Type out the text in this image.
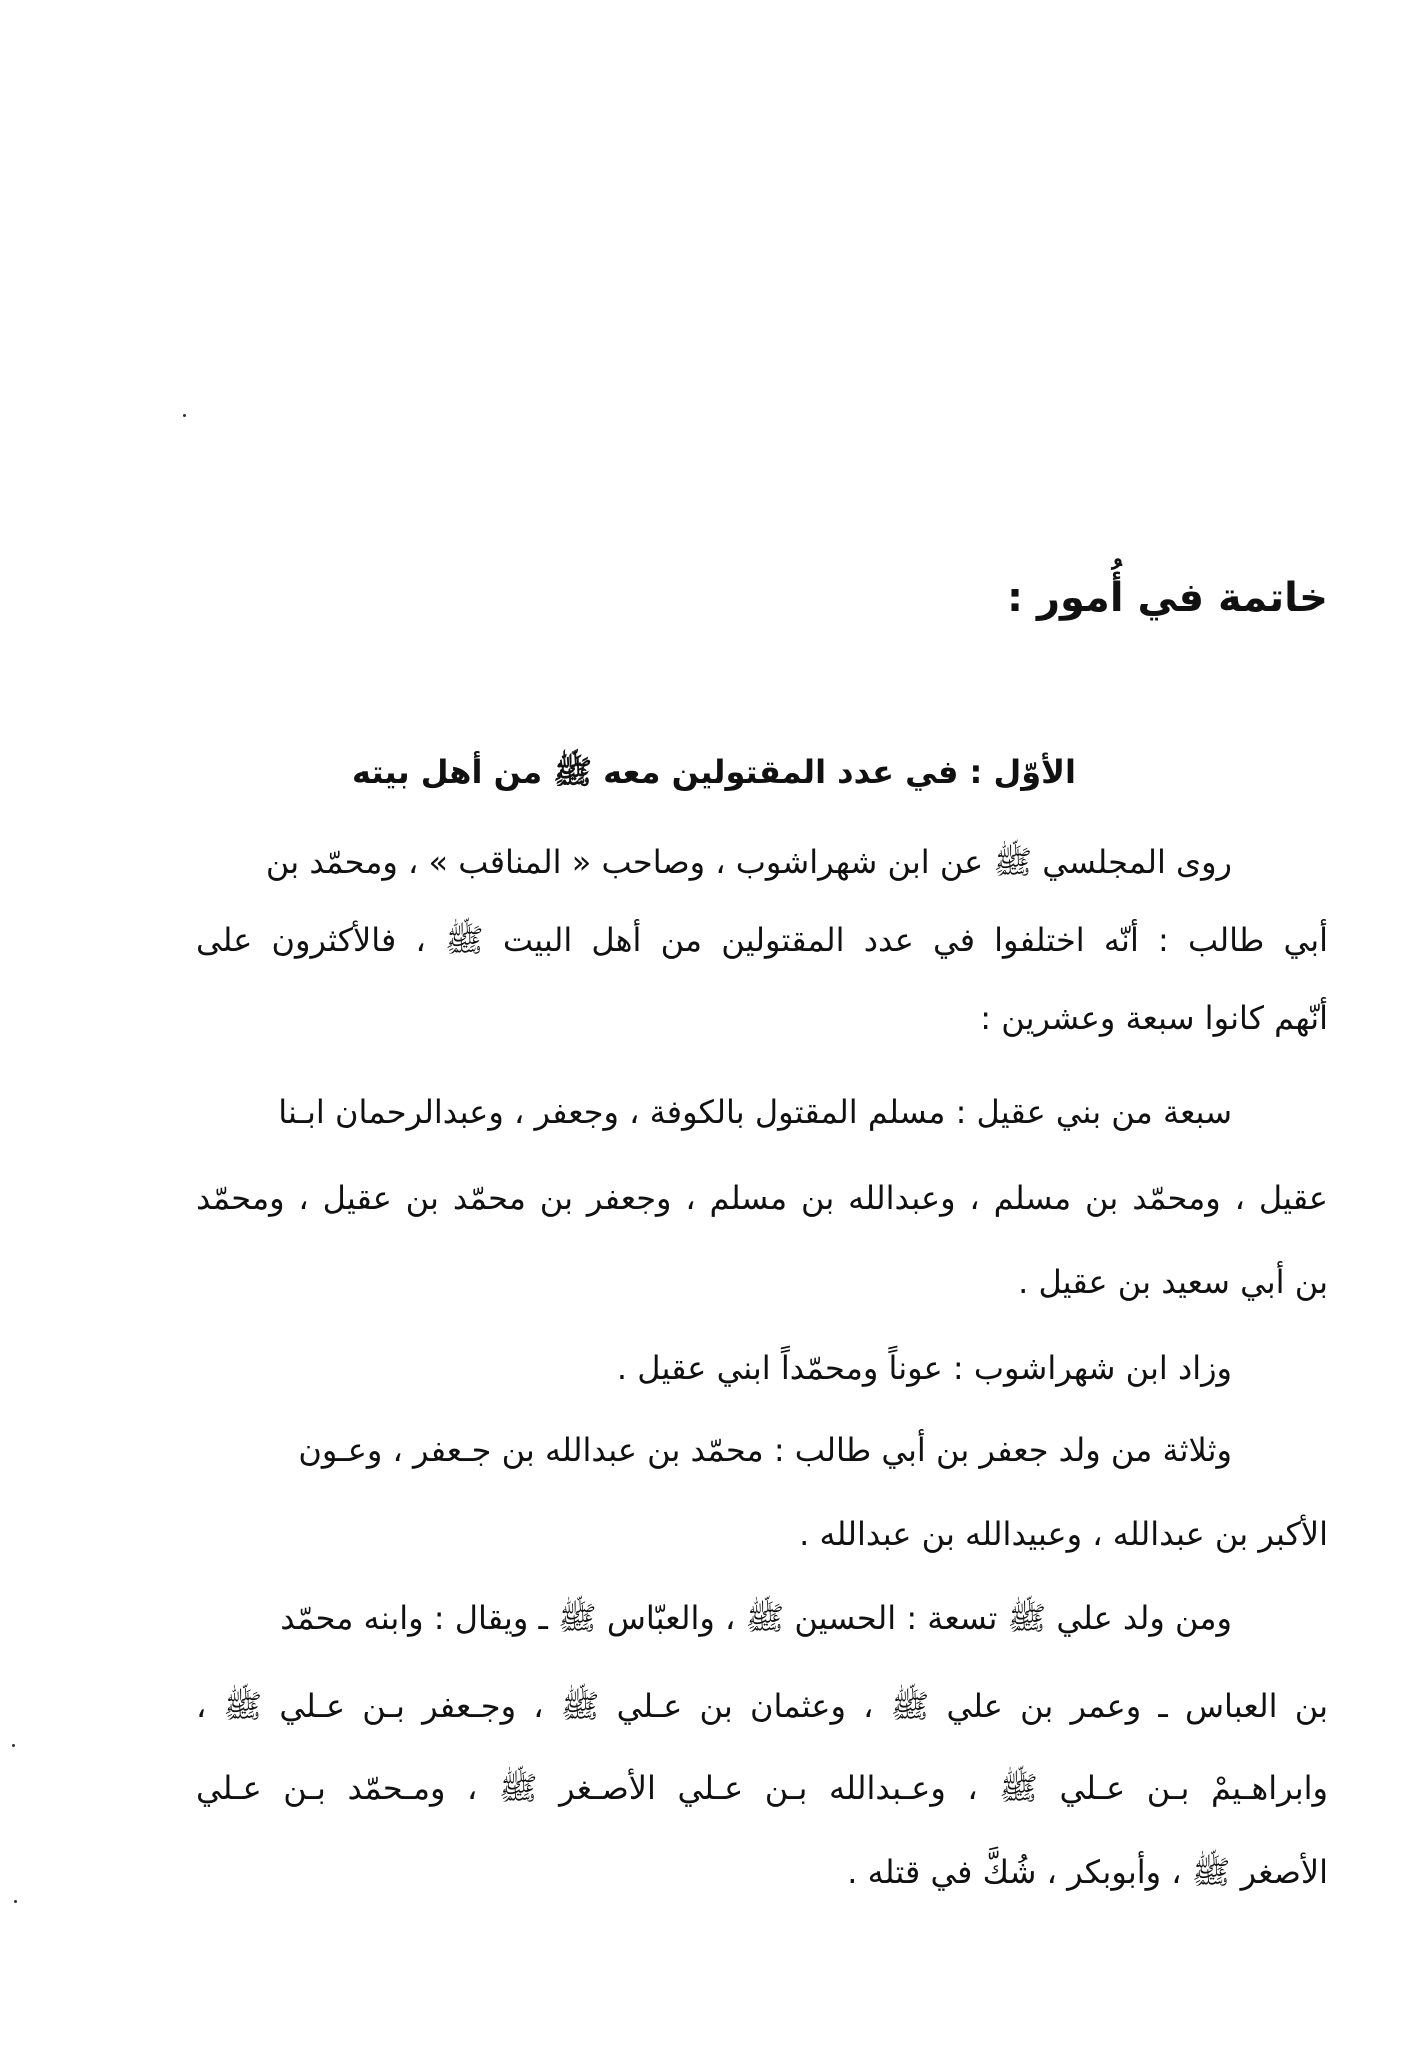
خاتمة في أُمور :
الأوّل : في عدد المقتولين معه ﷺ من أهل بيته

روى المجلسي ﷺ عن ابن شهراشوب ، وصاحب « المناقب » ، ومحمّد بن

أبي طالب : أنّه اختلفوا في عدد المقتولين من أهل البيت ﷺ ، فالأكثرون على

أنّهم كانوا سبعة وعشرين :

سبعة من بني عقيل : مسلم المقتول بالكوفة ، وجعفر ، وعبدالرحمان ابـنا

عقيل ، ومحمّد بن مسلم ، وعبدالله بن مسلم ، وجعفر بن محمّد بن عقيل ، ومحمّد

بن أبي سعيد بن عقيل .

وزاد ابن شهراشوب : عوناً ومحمّداً ابني عقيل .

وثلاثة من ولد جعفر بن أبي طالب : محمّد بن عبدالله بن جـعفر ، وعـون

الأكبر بن عبدالله ، وعبيدالله بن عبدالله .

ومن ولد علي ﷺ تسعة : الحسين ﷺ ، والعبّاس ﷺ ـ ويقال : وابنه محمّد

بن العباس ـ وعمر بن علي ﷺ ، وعثمان بن عـلي ﷺ ، وجـعفر بـن عـلي ﷺ ،

وابراهـيمْ بـن عـلي ﷺ ، وعـبدالله بـن عـلي الأصـغر ﷺ ، ومـحمّد بـن عـلي

الأصغر ﷺ ، وأبوبكر ، شُكَّ في قتله .
